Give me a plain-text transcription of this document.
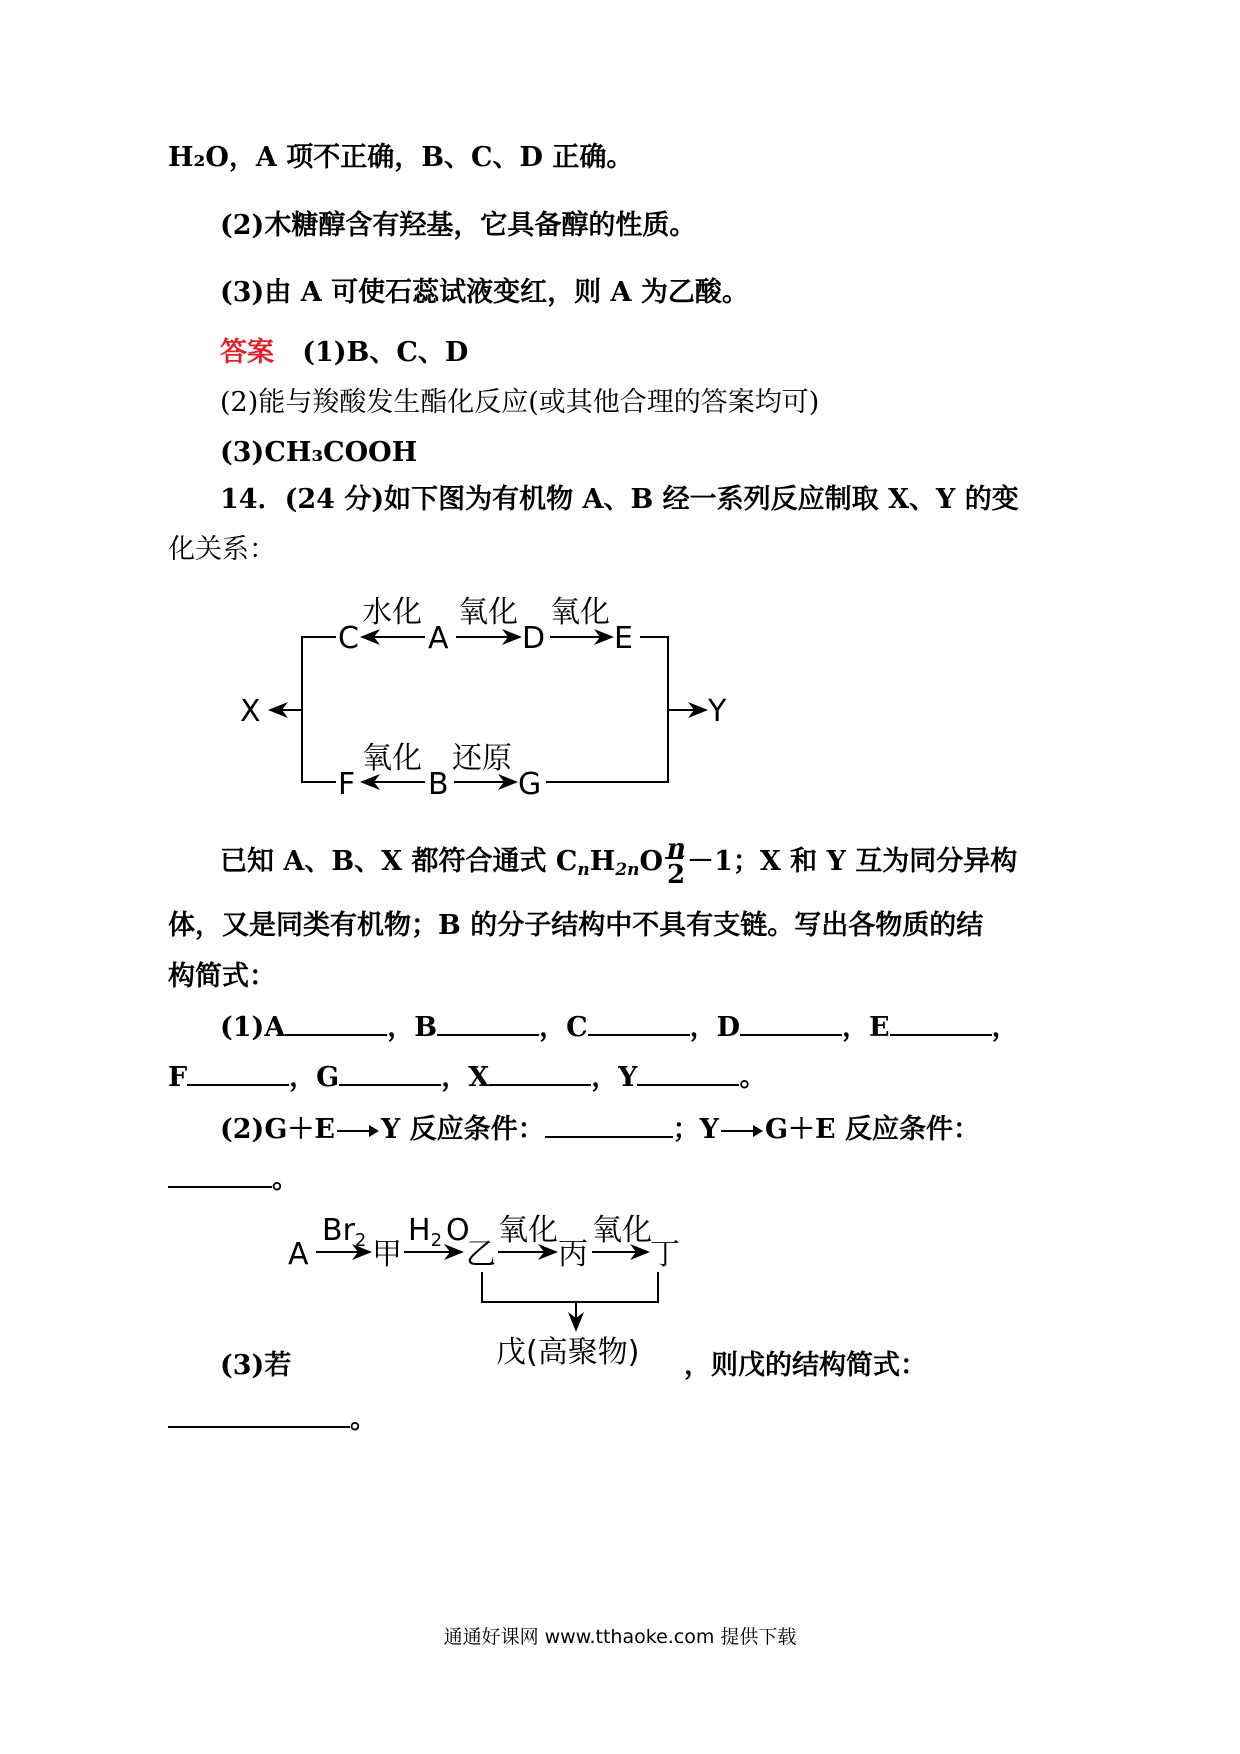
H₂O，A 项不正确，B、C、D 正确。
(2)木糖醇含有羟基，它具备醇的性质。
(3)由 A 可使石蕊试液变红，则 A 为乙酸。
答案 (1)B、C、D
(2)能与羧酸发生酯化反应(或其他合理的答案均可)
(3)CH₃COOH
14．(24 分)如下图为有机物 A、B 经一系列反应制取 X、Y 的变
化关系：
C A D E
水化 氧化 氧化
X	Y
F B G
氧化 还原
A 甲 乙 丙 丁
$Br_2$ $H_2$ O 氧化 氧化
戊(高聚物)
已知 A、B、X 都符合通式 $C_nH_{2n}O$ n
2 －1；X 和 Y 互为同分异构
体，又是同类有机物；B 的分子结构中不具有支链。写出各物质的结
构简式：
(1)A	，B	，C	，D	，E	，
F	，G	，X	，Y	。
(2)G＋E Y 反应条件：	；Y G＋E 反应条件：
。
(3)若	，则戊的结构简式：
。
通通好课网 www.tthaoke.com 提供下载
